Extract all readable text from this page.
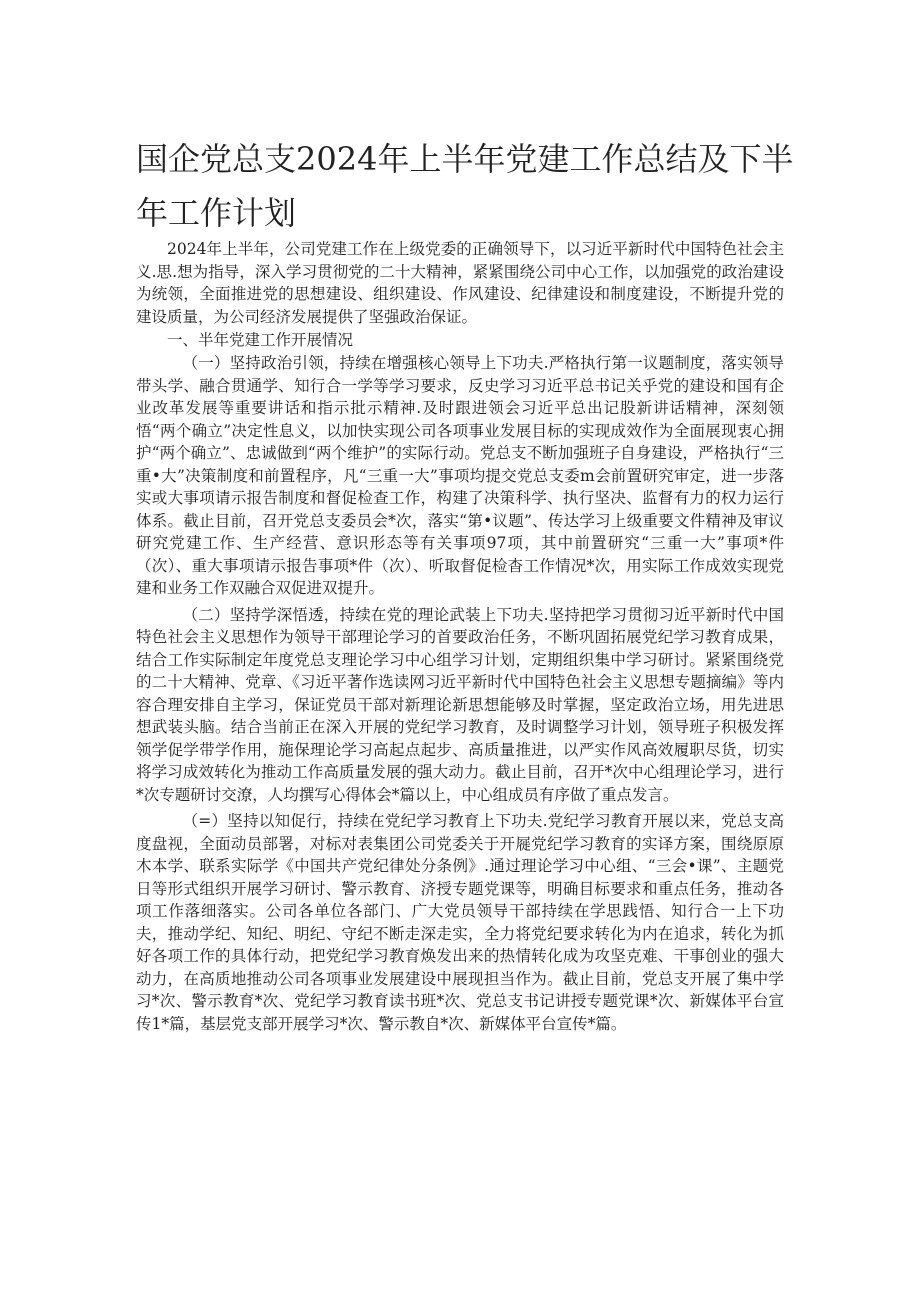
国企党总支2024年上半年党建工作总结及下半年工作计划

2024年上半年，公司党建工作在上级党委的正确领导下，以习近平新时代中国特色社会主义.思.想为指导，深入学习贯彻党的二十大精神，紧紧围绕公司中心工作，以加强党的政治建设为统领，全面推进党的思想建设、组织建设、作风建设、纪律建设和制度建设，不断提升党的建设质量，为公司经济发展提供了坚强政治保证。

一、半年党建工作开展情况

（一）坚持政治引领，持续在增强核心领导上下功夫.严格执行第一议题制度，落实领导带头学、融合贯通学、知行合一学等学习要求，反史学习习近平总书记关乎党的建设和国有企业改革发展等重要讲话和指示批示精神.及时跟进领会习近平总出记股新讲话精神，深刻领悟“两个确立”决定性息义，以加快实现公司各项事业发展目标的实现成效作为全面展现衷心拥护“两个确立”、忠诚做到“两个维护”的实际行动。党总支不断加强班子自身建设，严格执行“三重•大”决策制度和前置程序，凡“三重一大”事项均提交党总支委m会前置研究审定，进一步落实或大事项请示报告制度和督促检查工作，构建了决策科学、执行坚决、监督有力的权力运行体系。截止目前，召开党总支委员会*次，落实“第•议题”、传达学习上级重要文件精神及审议研究党建工作、生产经营、意识形态等有关事项97项，其中前置研究“三重一大”事项*件（次）、重大事项请示报告事项*件（次）、听取督促检杳工作情况*次，用实际工作成效实现党建和业务工作双融合双促进双提升。

（二）坚持学深悟透，持续在党的理论武装上下功夫.坚持把学习贯彻习近平新时代中国特色社会主义思想作为领导干部理论学习的首要政治任务，不断巩固拓展党纪学习教育成果，结合工作实际制定年度党总支理论学习中心组学习计划，定期组织集中学习研讨。紧紧围绕党的二十大精神、党章、《习近平著作选读网习近平新时代中国特色社会主义思想专题摘编》等内容合理安排自主学习，保证党员干部对新理论新思想能够及时掌握，坚定政治立场，用先进思想武装头脑。结合当前正在深入开展的党纪学习教育，及时调整学习计划，领导班子积极发挥领学促学带学作用，施保理论学习高起点起步、高质量推进，以严实作风高效履职尽货，切实将学习成效转化为推动工作高质量发展的强大动力。截止目前，召开*次中心组理论学习，进行*次专题研讨交潦，人均撰写心得体会*篇以上，中心组成员有序做了重点发言。

（=）坚持以知促行，持续在党纪学习教育上下功夫.党纪学习教育开展以来，党总支高度盘视，全面动员部署，对标对表集团公司党委关于开屣党纪学习教育的实译方案，围绕原原木本学、联系实际学《中国共产党纪律处分条例》.通过理论学习中心组、“三会•课”、主题党日等形式组织开展学习研讨、警示教育、济授专题党课等，明确目标要求和重点任务，推动各项工作落细落实。公司各单位各部门、广大党员领导干部持续在学思践悟、知行合一上下功夫，推动学纪、知纪、明纪、守纪不断走深走实，全力将党纪要求转化为内在追求，转化为抓好各项工作的具体行动，把党纪学习教育焕发出来的热情转化成为攻坚克难、干事创业的强大动力，在高质地推动公司各项事业发展建设中展现担当作为。截止目前，党总支开展了集中学习*次、警示教育*次、党纪学习教育读书班*次、党总支书记讲授专题党课*次、新媒体平台宣传1*篇，基层党支部开展学习*次、警示教自*次、新媒体平台宣传*篇。
